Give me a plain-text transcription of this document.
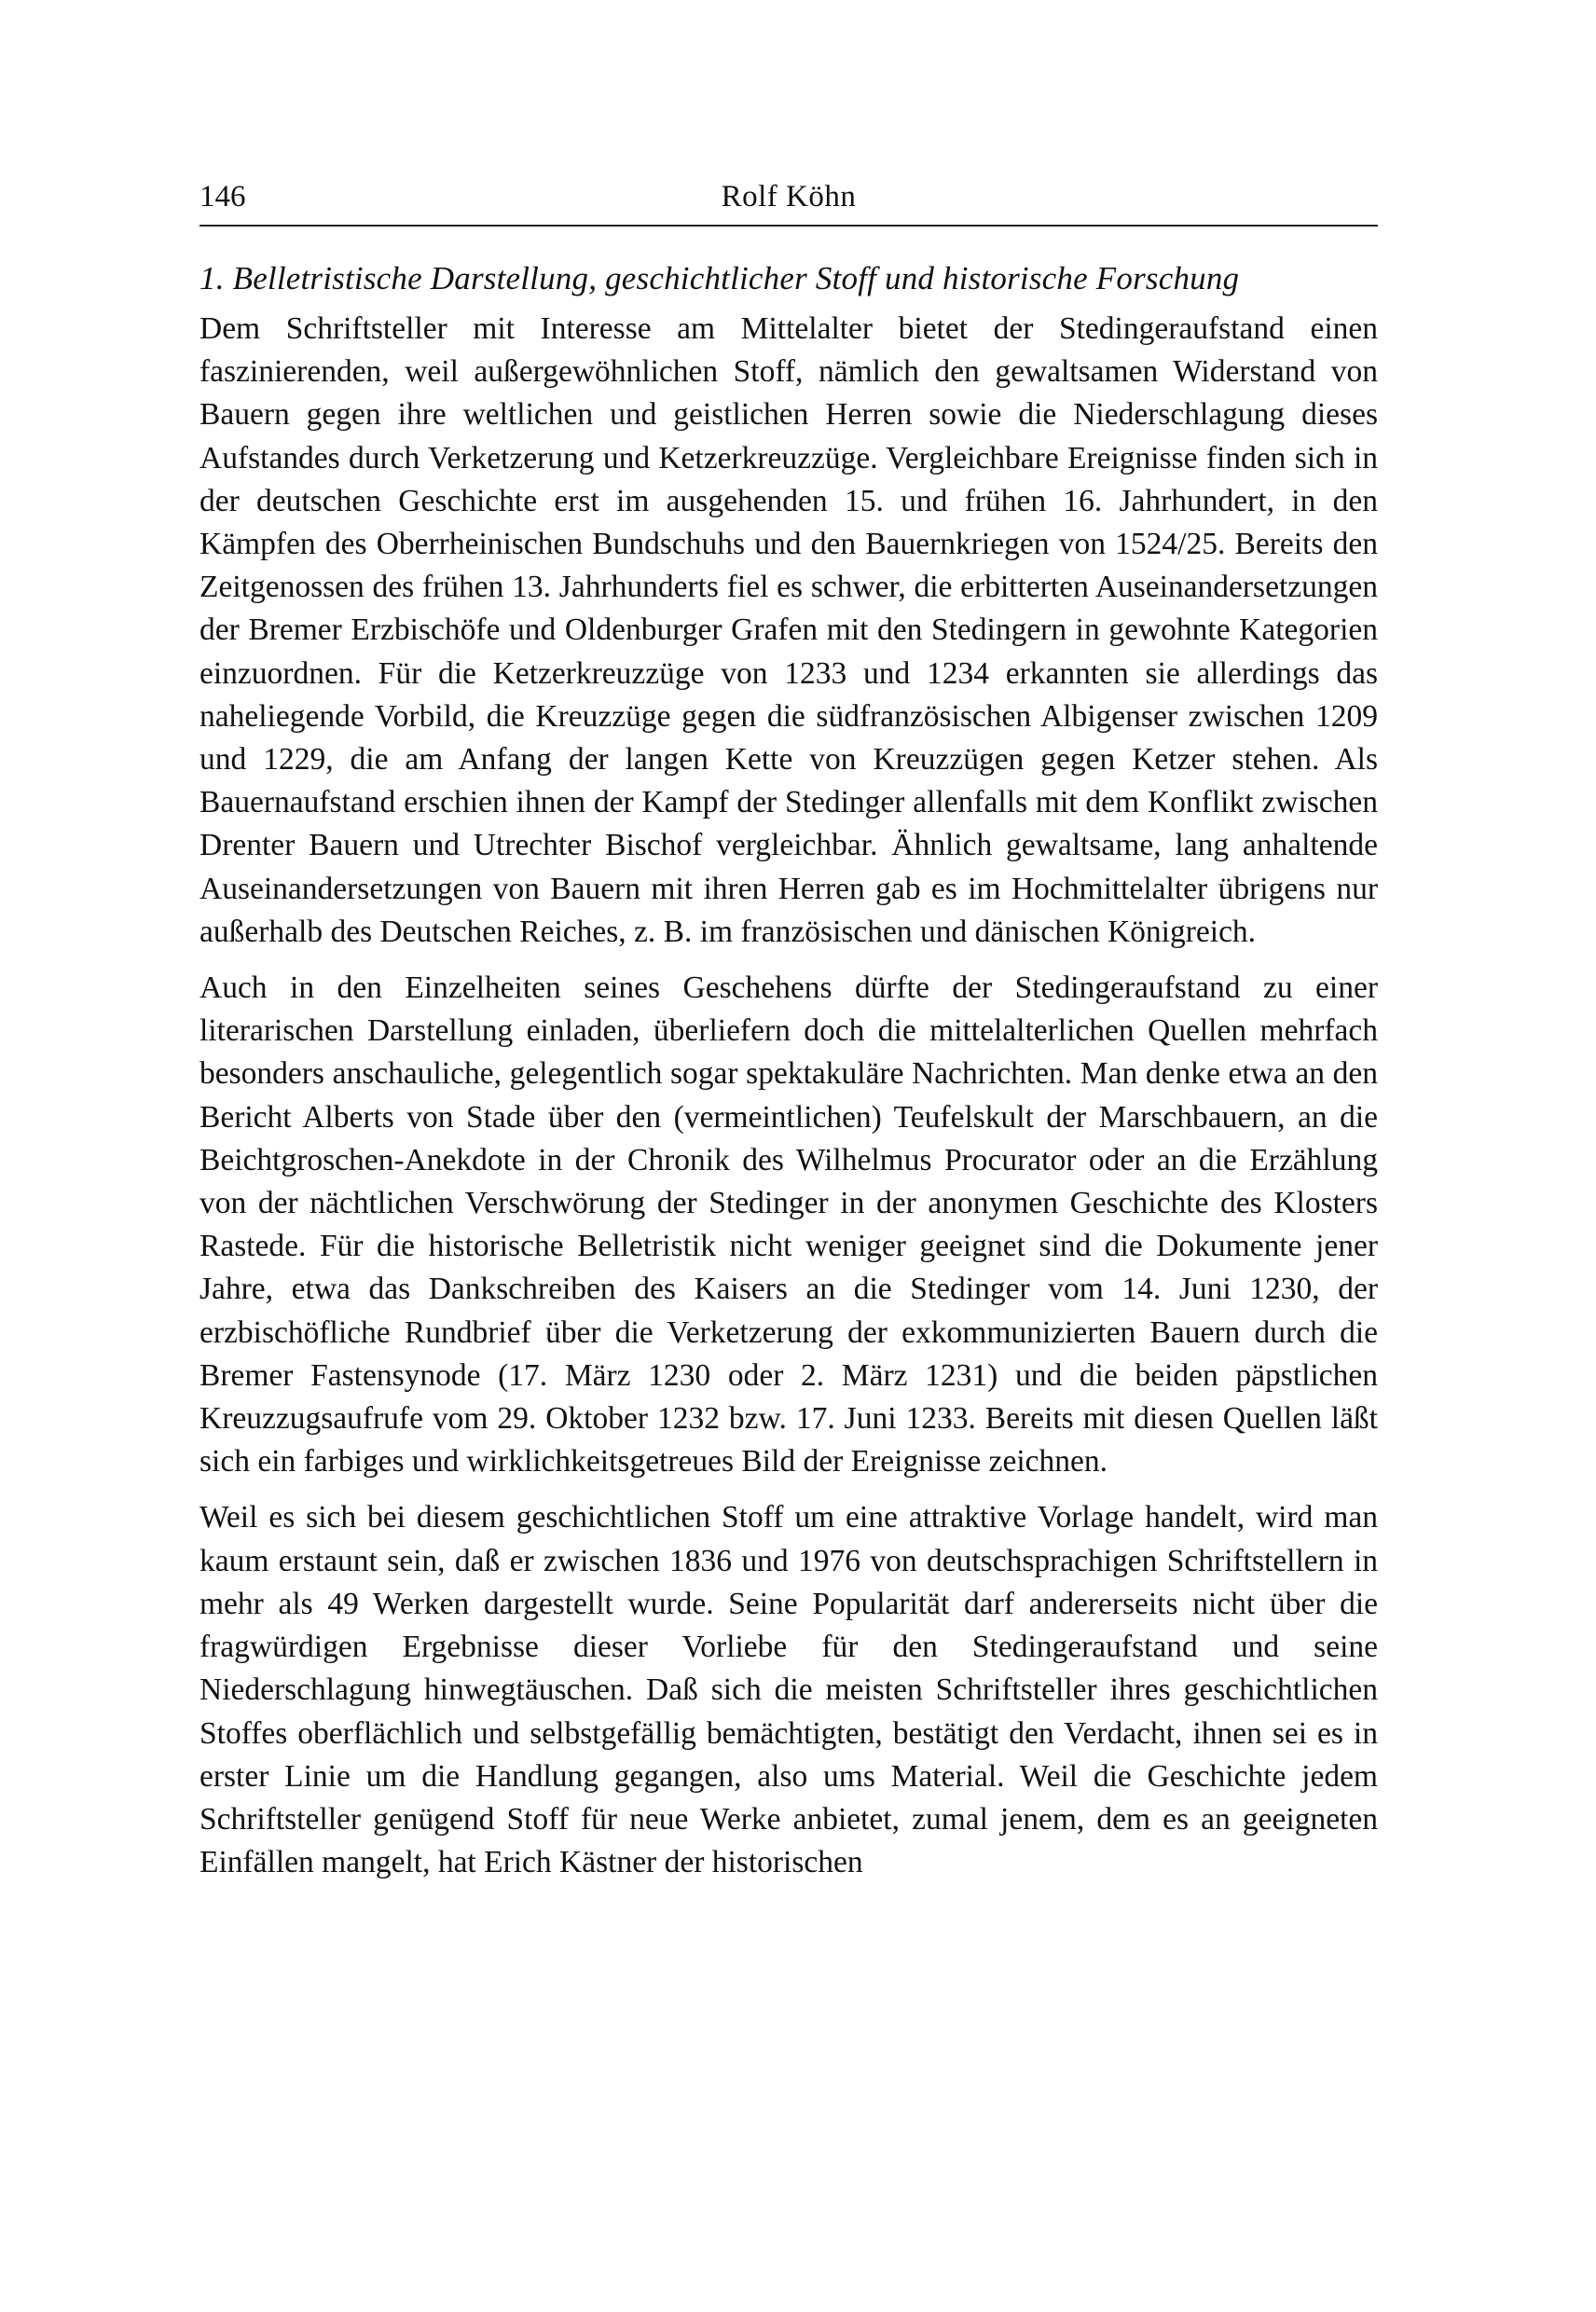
146	Rolf Köhn
1. Belletristische Darstellung, geschichtlicher Stoff und historische Forschung

Dem Schriftsteller mit Interesse am Mittelalter bietet der Stedingeraufstand einen faszinierenden, weil außergewöhnlichen Stoff, nämlich den gewaltsamen Widerstand von Bauern gegen ihre weltlichen und geistlichen Herren sowie die Niederschlagung dieses Aufstandes durch Verketzerung und Ketzerkreuzzüge. Vergleichbare Ereignisse finden sich in der deutschen Geschichte erst im ausgehenden 15. und frühen 16. Jahrhundert, in den Kämpfen des Oberrheinischen Bundschuhs und den Bauernkriegen von 1524/25. Bereits den Zeitgenossen des frühen 13. Jahrhunderts fiel es schwer, die erbitterten Auseinandersetzungen der Bremer Erzbischöfe und Oldenburger Grafen mit den Stedingern in gewohnte Kategorien einzuordnen. Für die Ketzerkreuzzüge von 1233 und 1234 erkannten sie allerdings das naheliegende Vorbild, die Kreuzzüge gegen die südfranzösischen Albigenser zwischen 1209 und 1229, die am Anfang der langen Kette von Kreuzzügen gegen Ketzer stehen. Als Bauernaufstand erschien ihnen der Kampf der Stedinger allenfalls mit dem Konflikt zwischen Drenter Bauern und Utrechter Bischof vergleichbar. Ähnlich gewaltsame, lang anhaltende Auseinandersetzungen von Bauern mit ihren Herren gab es im Hochmittelalter übrigens nur außerhalb des Deutschen Reiches, z. B. im französischen und dänischen Königreich.

Auch in den Einzelheiten seines Geschehens dürfte der Stedingeraufstand zu einer literarischen Darstellung einladen, überliefern doch die mittelalterlichen Quellen mehrfach besonders anschauliche, gelegentlich sogar spektakuläre Nachrichten. Man denke etwa an den Bericht Alberts von Stade über den (vermeintlichen) Teufelskult der Marschbauern, an die Beichtgroschen-Anekdote in der Chronik des Wilhelmus Procurator oder an die Erzählung von der nächtlichen Verschwörung der Stedinger in der anonymen Geschichte des Klosters Rastede. Für die historische Belletristik nicht weniger geeignet sind die Dokumente jener Jahre, etwa das Dankschreiben des Kaisers an die Stedinger vom 14. Juni 1230, der erzbischöfliche Rundbrief über die Verketzerung der exkommunizierten Bauern durch die Bremer Fastensynode (17. März 1230 oder 2. März 1231) und die beiden päpstlichen Kreuzzugsaufrufe vom 29. Oktober 1232 bzw. 17. Juni 1233. Bereits mit diesen Quellen läßt sich ein farbiges und wirklichkeitsgetreues Bild der Ereignisse zeichnen.

Weil es sich bei diesem geschichtlichen Stoff um eine attraktive Vorlage handelt, wird man kaum erstaunt sein, daß er zwischen 1836 und 1976 von deutschsprachigen Schriftstellern in mehr als 49 Werken dargestellt wurde. Seine Popularität darf andererseits nicht über die fragwürdigen Ergebnisse dieser Vorliebe für den Stedingeraufstand und seine Niederschlagung hinwegtäuschen. Daß sich die meisten Schriftsteller ihres geschichtlichen Stoffes oberflächlich und selbstgefällig bemächtigten, bestätigt den Verdacht, ihnen sei es in erster Linie um die Handlung gegangen, also ums Material. Weil die Geschichte jedem Schriftsteller genügend Stoff für neue Werke anbietet, zumal jenem, dem es an geeigneten Einfällen mangelt, hat Erich Kästner der historischen
